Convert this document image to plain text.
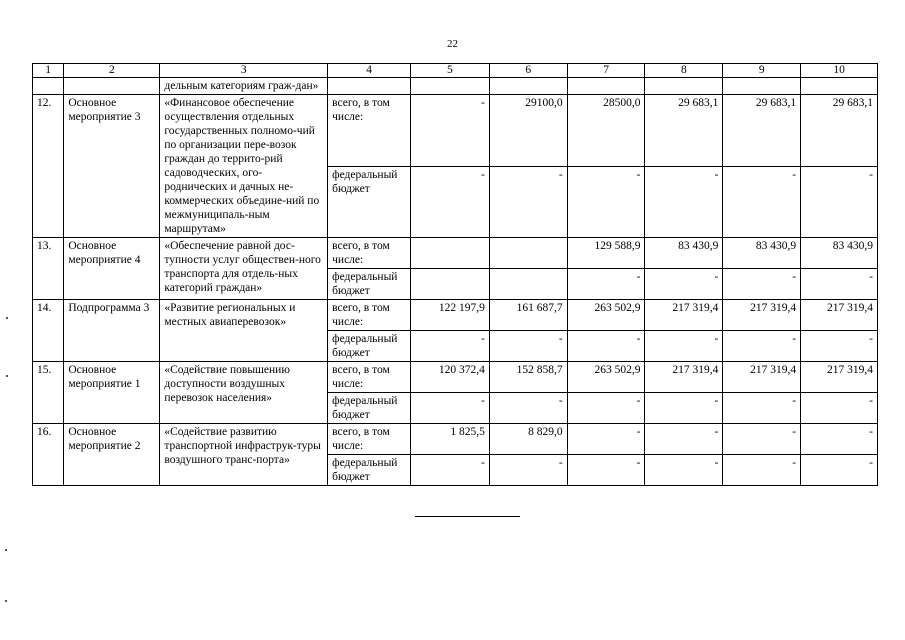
22
1	2	3	4	5	6	7	8	9	10
		дельным категориям граж-дан»							
12.	Основное мероприятие 3	«Финансовое обеспечение осуществления отдельных государственных полномо-чий по организации пере-возок граждан до террито-рий садоводческих, ого-роднических и дачных не-коммерческих объедине-ний по межмуниципаль-ным маршрутам»	всего, в том числе:	-	29100,0	28500,0	29 683,1	29 683,1	29 683,1
			федеральный бюджет	-	-	-	-	-	-
13.	Основное мероприятие 4	«Обеспечение равной дос-тупности услуг обществен-ного транспорта для отдель-ных категорий граждан»	всего, в том числе:			129 588,9	83 430,9	83 430,9	83 430,9
			федеральный бюджет			-	-	-	-
14.	Подпрограмма 3	«Развитие региональных и местных авиаперевозок»	всего, в том числе:	122 197,9	161 687,7	263 502,9	217 319,4	217 319,4	217 319,4
			федеральный бюджет	-	-	-	-	-	-
15.	Основное мероприятие 1	«Содействие повышению доступности воздушных перевозок населения»	всего, в том числе:	120 372,4	152 858,7	263 502,9	217 319,4	217 319,4	217 319,4
			федеральный бюджет	-	-	-	-	-	-
16.	Основное мероприятие 2	«Содействие развитию транспортной инфраструк-туры воздушного транс-порта»	всего, в том числе:	1 825,5	8 829,0	-	-	-	-
			федеральный бюджет	-	-	-	-	-	-
